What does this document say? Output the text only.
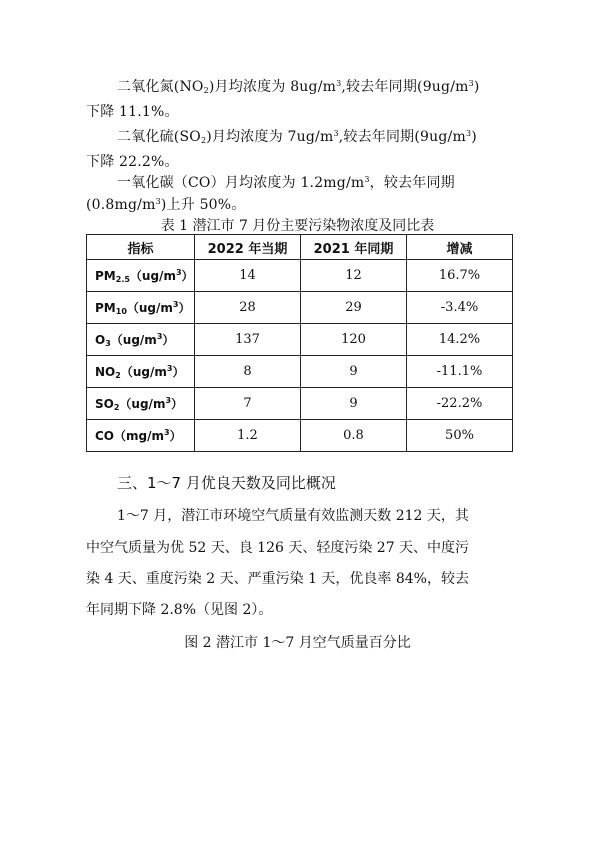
二氧化氮$(NO_2)$月均浓度为 $8ug/m^3$,较去年同期$(9ug/m^3)$
下降 11.1%。
二氧化硫$(SO_2)$月均浓度为 $7ug/m^3$,较去年同期$(9ug/m^3)$
下降 22.2%。
一氧化碳（CO）月均浓度为 $1.2mg/m^3$，较去年同期
$(0.8mg/m^3)$上升 50%。
表 1 潜江市 7 月份主要污染物浓度及同比表
指标	2022 年当期	2021 年同期	增减
$PM_{2.5}(ug/m^3)$	14	12	16.7%
$PM_{10}(ug/m^3)$	28	29	-3.4%
$O_3(ug/m^3)$	137	120	14.2%
$NO_2(ug/m^3)$	8	9	-11.1%
$SO_2(ug/m^3)$	7	9	-22.2%
$CO(mg/m^3)$	1.2	0.8	50%
三、1～7 月优良天数及同比概况
1～7 月，潜江市环境空气质量有效监测天数 212 天，其
中空气质量为优 52 天、良 126 天、轻度污染 27 天、中度污
染 4 天、重度污染 2 天、严重污染 1 天，优良率 84%，较去
年同期下降 2.8%（见图 2）。
图 2 潜江市 1～7 月空气质量百分比
